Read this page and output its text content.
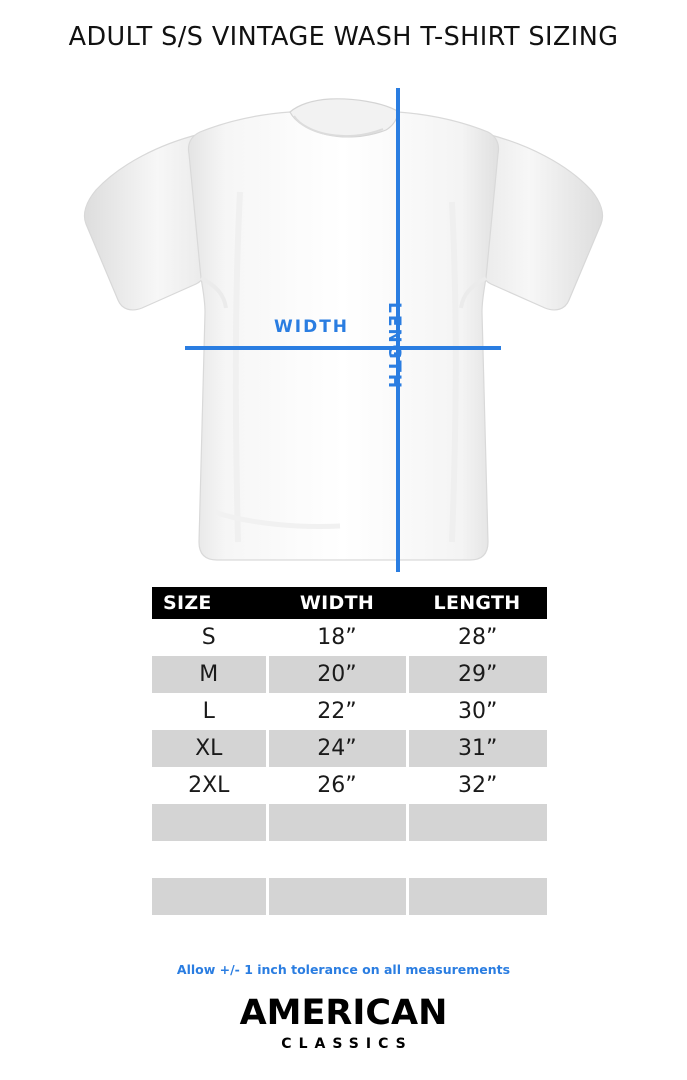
ADULT S/S VINTAGE WASH T-SHIRT SIZING
WIDTH LENGTH
SIZE	WIDTH	LENGTH
S	18”	28”
M	20”	29”
L	22”	30”
XL	24”	31”
2XL	26”	32”

Allow +/- 1 inch tolerance on all measurements
AMERICAN
CLASSICS
